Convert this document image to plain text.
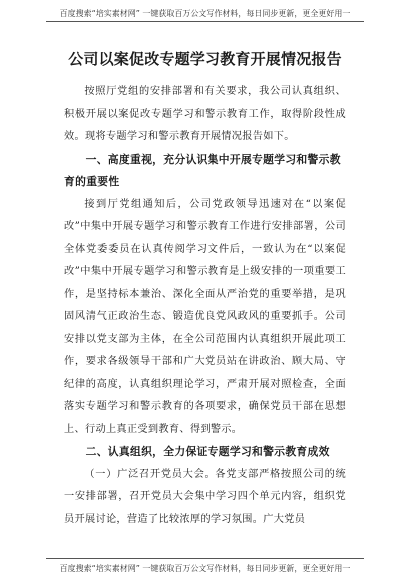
百度搜索“培实素材网” 一键获取百万公文写作材料，每日同步更新，更全更好用一
公司以案促改专题学习教育开展情况报告

按照厅党组的安排部署和有关要求，我公司认真组织、积极开展以案促改专题学习和警示教育工作，取得阶段性成效。现将专题学习和警示教育开展情况报告如下。

一、高度重视，充分认识集中开展专题学习和警示教育的重要性

接到厅党组通知后，公司党政领导迅速对在“以案促改”中集中开展专题学习和警示教育工作进行安排部署，公司全体党委委员在认真传阅学习文件后，一致认为在“以案促改”中集中开展专题学习和警示教育是上级安排的一项重要工作，是坚持标本兼治、深化全面从严治党的重要举措，是巩固风清气正政治生态、锻造优良党风政风的重要抓手。公司安排以党支部为主体，在全公司范围内认真组织开展此项工作，要求各级领导干部和广大党员站在讲政治、顾大局、守纪律的高度，认真组织理论学习，严肃开展对照检查，全面落实专题学习和警示教育的各项要求，确保党员干部在思想上、行动上真正受到教育、得到警示。

二、认真组织，全力保证专题学习和警示教育成效

（一）广泛召开党员大会。各党支部严格按照公司的统一安排部署，召开党员大会集中学习四个单元内容，组织党员开展讨论，营造了比较浓厚的学习氛围。广大党员

百度搜索“培实素材网” 一键获取百万公文写作材料，每日同步更新，更全更好用一
